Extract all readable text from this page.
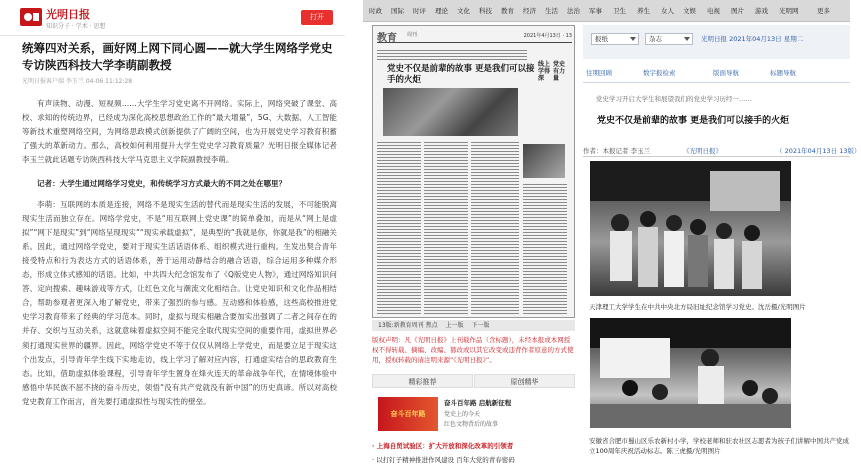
光明日报
知识分子 · 学术 · 思想
打开
统筹四对关系，画好网上网下同心圆——就大学生网络学党史专访陕西科技大学李萌副教授
光明日报客户端 李玉兰 04-06 11:12:28

有声读物、动漫、短视频……大学生学习党史离不开网络。实际上，网络突破了课堂、高校、求知的传统边界，已经成为深化高校思想政治工作的“最大增量”，5G、大数据、人工智能等新技术重塑网络空间，为网络思政模式创新提供了广阔的空间，也为开展党史学习教育积蓄了强大的革新动力。那么，高校如何利用提升大学生党史学习教育质量？光明日报全媒体记者李玉兰就此话题专访陕西科技大学马克思主义学院副教授李萌。

记者：大学生通过网络学习党史，和传统学习方式最大的不同之处在哪里？

李萌：互联网的本质是连接，网络不是现实生活的替代而是现实生活的发展，不可能脱离现实生活而独立存在。网络学党史，不是“用互联网上党史课”的简单叠加，而是从“网上是虚拟”“网下是现实”到“网络呈现现实”“现实承载虚拟”，是典型的“我就是你，你就是我”的相融关系。因此，通过网络学党史，要对于现实生活话语体系、组织模式进行重构。生发出契合青年接受特点和行为表达方式的话语体系，善于运用动静结合的融合话语，综合运用多种媒介形态，形成立体式感知的话语。比如，中共四大纪念馆发布了《Q版党史人物》，通过网络知识问答、定向搜索、趣味游戏等方式，让红色文化与潮流文化相结合。让党史知识和文化作品相结合，帮助参观者更深入地了解党史，带来了强烈的参与感。互动感和体验感，这些高校推进党史学习教育带来了经典的学习范本。同时，虚拟与现实相融合要加实出强调了二者之间存在的并存、交织与互动关系，这就意味着虚拟空间不能完全取代现实空间的重要作用，虚拟世界必须打通现实世界的疆界。因此，网络学党史不等于仅仅从网络上学党史，而是要立足于现实这个出发点，引导青年学生线下实地走访，线上学习了解对应内容，打通虚实结合的思政教育生态。比如，借助虚拟体验课程，引导青年学生置身在烽火连天的革命战争年代，在情境体验中感悟中华民族不屈不挠的奋斗历史，领悟“没有共产党就没有新中国”的历史真谛。所以对高校党史教育工作而言，首先要打通虚拟性与现实性的壁垒。

时政 国际 时评 理论 文化 科技 教育 经济 生活 法治
教育 周刊	2021年4月13日 · 13
党史不仅是前辈的故事 更是我们可以接手的火炬
线上学得深
党史有力量
13版:新教育周刊 焦点 上一版 下一版
版权声明：凡《光明日报》上刊载作品（含标题），未经本报或本网授权不得转载、摘编、改编、篡改或以其它改变或违背作者原意的方式使用，授权转载的请注明来源“《光明日报》”。
精彩推荐	原创精华
奋斗百年路
奋斗百年路 启航新征程
党史上的今天
红色文物背后的故事
· 上海自贸试验区：扩大开放和深化改革的引领者
· 以打钉子精神推进作风建设 百年大党的青春密码
军事 卫生 养生 女人 文娱 电视 图片 游戏 光明网	更多
报纸	杂志	光明日报 2021年04月13日 星期二
往期回顾	数字报检索	版面导航	标题导航
党史学习开启大学生和展望我们的党史学习历经一……
党史不仅是前辈的故事 更是我们可以接手的火炬
作者：本报记者 李玉兰	《光明日报》	（ 2021年04月13日 13版）
天津理工大学学生在中共中央北方局旧址纪念馆学习党史。沈岳摄/光明图片
安徽省合肥市蜀山区乐农新村小学，学校老师和驻农社区志愿者为孩子们讲解中国共产党成立100周年庆祝活动标志。陈三虎摄/光明图片
